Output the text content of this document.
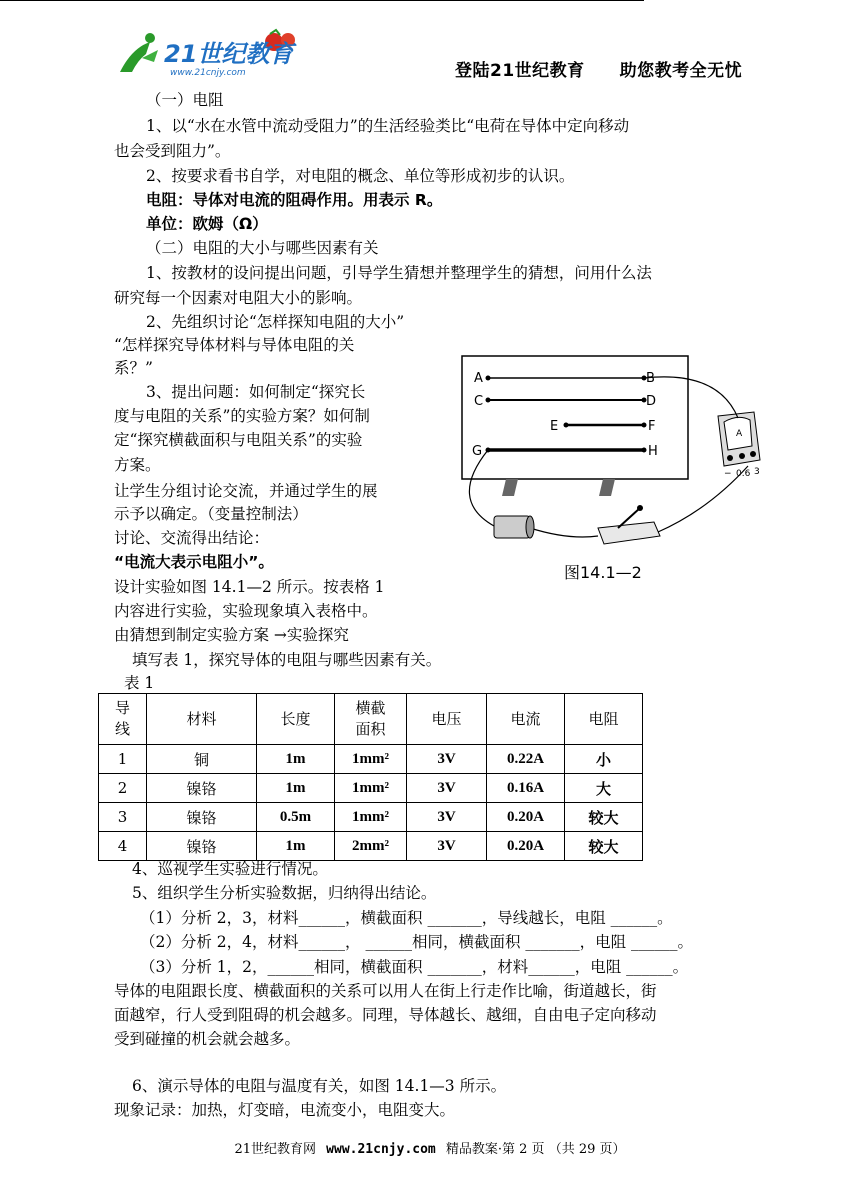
21世纪教育
www.21cnjy.com	登陆21世纪教育　　助您教考全无忧
（一）电阻
1、以“水在水管中流动受阻力”的生活经验类比“电荷在导体中定向移动
也会受到阻力”。
2、按要求看书自学，对电阻的概念、单位等形成初步的认识。
电阻：导体对电流的阻碍作用。用表示 R。
单位：欧姆（Ω）
（二）电阻的大小与哪些因素有关
1、按教材的设问提出问题，引导学生猜想并整理学生的猜想，问用什么法
研究每一个因素对电阻大小的影响。
2、先组织讨论“怎样探知电阻的大小”
“怎样探究导体材料与导体电阻的关
系？”
3、提出问题：如何制定“探究长
度与电阻的关系”的实验方案？如何制
定“探究横截面积与电阻关系”的实验
方案。
让学生分组讨论交流，并通过学生的展
示予以确定。（变量控制法）
讨论、交流得出结论：
“电流大表示电阻小”。
设计实验如图 14.1—2 所示。按表格 1
内容进行实验，实验现象填入表格中。
由猜想到制定实验方案 →实验探究
填写表 1，探究导体的电阻与哪些因素有关。
表 1
A	B
C	D
E	F
G	H
A
− 0.6 3
图14.1—2
导线	材料	长度	横截面积	电压	电流	电阻
1	铜	1m	1mm²	3V	0.22A	小
2	镍铬	1m	1mm²	3V	0.16A	大
3	镍铬	0.5m	1mm²	3V	0.20A	较大
4	镍铬	1m	2mm²	3V	0.20A	较大
4、巡视学生实验进行情况。
5、组织学生分析实验数据，归纳得出结论。
（1）分析 2，3，材料______，横截面积 _______，导线越长，电阻 ______。
（2）分析 2，4，材料______， ______相同，横截面积 _______，电阻 ______。
（3）分析 1，2，______相同，横截面积 _______，材料______，电阻 ______。
导体的电阻跟长度、横截面积的关系可以用人在街上行走作比喻，街道越长，街
面越窄，行人受到阻碍的机会越多。同理，导体越长、越细，自由电子定向移动
受到碰撞的机会就会越多。
6、演示导体的电阻与温度有关，如图 14.1—3 所示。
现象记录：加热，灯变暗，电流变小，电阻变大。
21世纪教育网 www.21cnjy.com 精品教案·第 2 页 （共 29 页）
